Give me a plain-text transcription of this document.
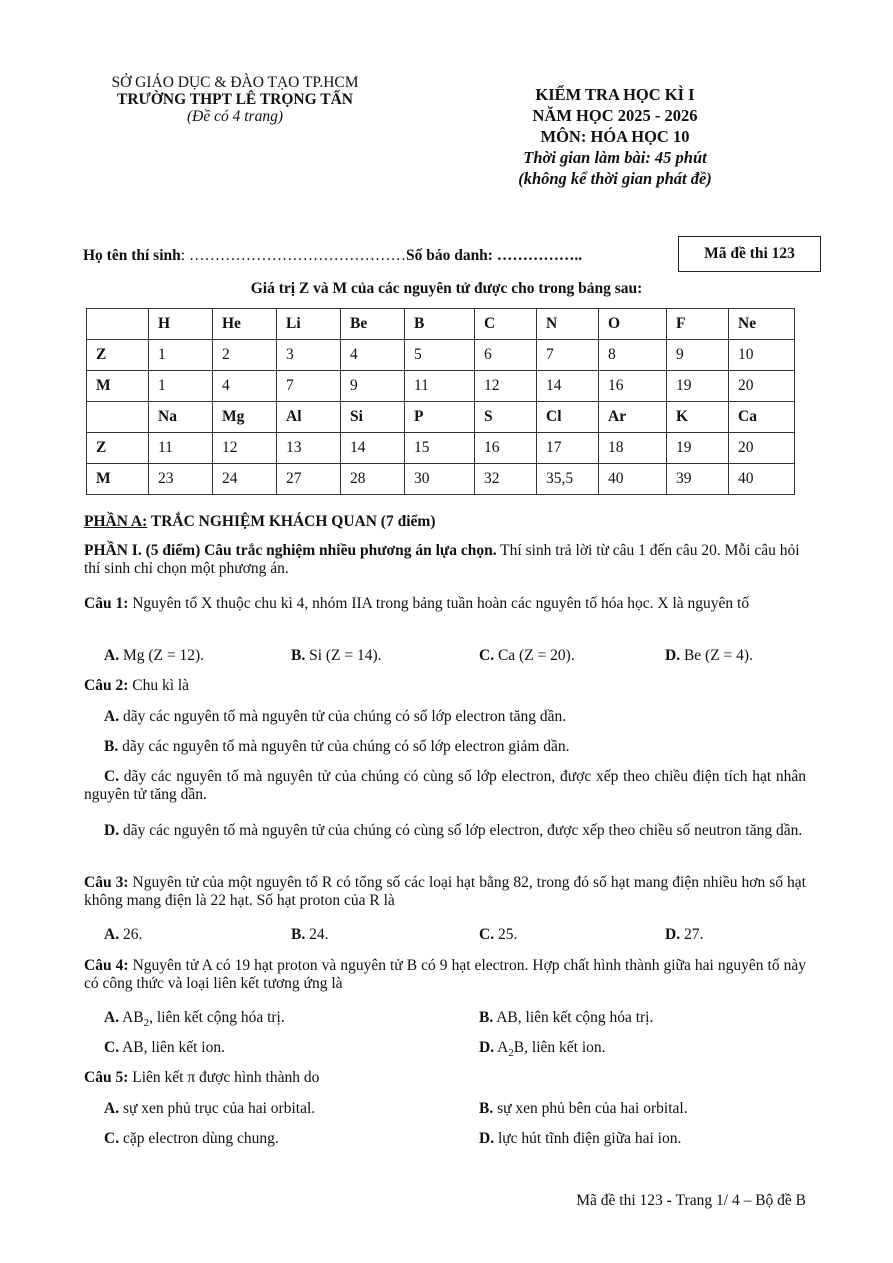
SỞ GIÁO DỤC & ĐÀO TẠO TP.HCM
TRƯỜNG THPT LÊ TRỌNG TẤN
(Đề có 4 trang)
KIỂM TRA HỌC KÌ I
NĂM HỌC 2025 - 2026
MÔN: HÓA HỌC 10
Thời gian làm bài: 45 phút
(không kể thời gian phát đề)
Họ tên thí sinh: ……………………………………Số báo danh: ……………..	Mã đề thi 123
Giá trị Z và M của các nguyên tử được cho trong bảng sau:
	H	He	Li	Be	B	C	N	O	F	Ne
Z	1	2	3	4	5	6	7	8	9	10
M	1	4	7	9	11	12	14	16	19	20
	Na	Mg	Al	Si	P	S	Cl	Ar	K	Ca
Z	11	12	13	14	15	16	17	18	19	20
M	23	24	27	28	30	32	35,5	40	39	40
PHẦN A: TRẮC NGHIỆM KHÁCH QUAN (7 điểm)
PHẦN I. (5 điểm) Câu trắc nghiệm nhiều phương án lựa chọn. Thí sinh trả lời từ câu 1 đến câu 20. Mỗi câu hỏi thí sinh chỉ chọn một phương án.
Câu 1: Nguyên tố X thuộc chu kì 4, nhóm IIA trong bảng tuần hoàn các nguyên tố hóa học. X là nguyên tố
A. Mg (Z = 12).	B. Si (Z = 14).	C. Ca (Z = 20).	D. Be (Z = 4).
Câu 2: Chu kì là
A. dãy các nguyên tố mà nguyên tử của chúng có số lớp electron tăng dần.
B. dãy các nguyên tố mà nguyên tử của chúng có số lớp electron giảm dần.
C. dãy các nguyên tố mà nguyên tử của chúng có cùng số lớp electron, được xếp theo chiều điện tích hạt nhân nguyên tử tăng dần.
D. dãy các nguyên tố mà nguyên tử của chúng có cùng số lớp electron, được xếp theo chiều số neutron tăng dần.
Câu 3: Nguyên tử của một nguyên tố R có tổng số các loại hạt bằng 82, trong đó số hạt mang điện nhiều hơn số hạt không mang điện là 22 hạt. Số hạt proton của R là
A. 26.	B. 24.	C. 25.	D. 27.
Câu 4: Nguyên tử A có 19 hạt proton và nguyên tử B có 9 hạt electron. Hợp chất hình thành giữa hai nguyên tố này có công thức và loại liên kết tương ứng là
A. $AB_2$, liên kết cộng hóa trị.	B. AB, liên kết cộng hóa trị.
C. AB, liên kết ion.	D. $A_2B$, liên kết ion.
Câu 5: Liên kết π được hình thành do
A. sự xen phủ trục của hai orbital.	B. sự xen phủ bên của hai orbital.
C. cặp electron dùng chung.	D. lực hút tĩnh điện giữa hai ion.
Mã đề thi 123 - Trang 1/ 4 – Bộ đề B
